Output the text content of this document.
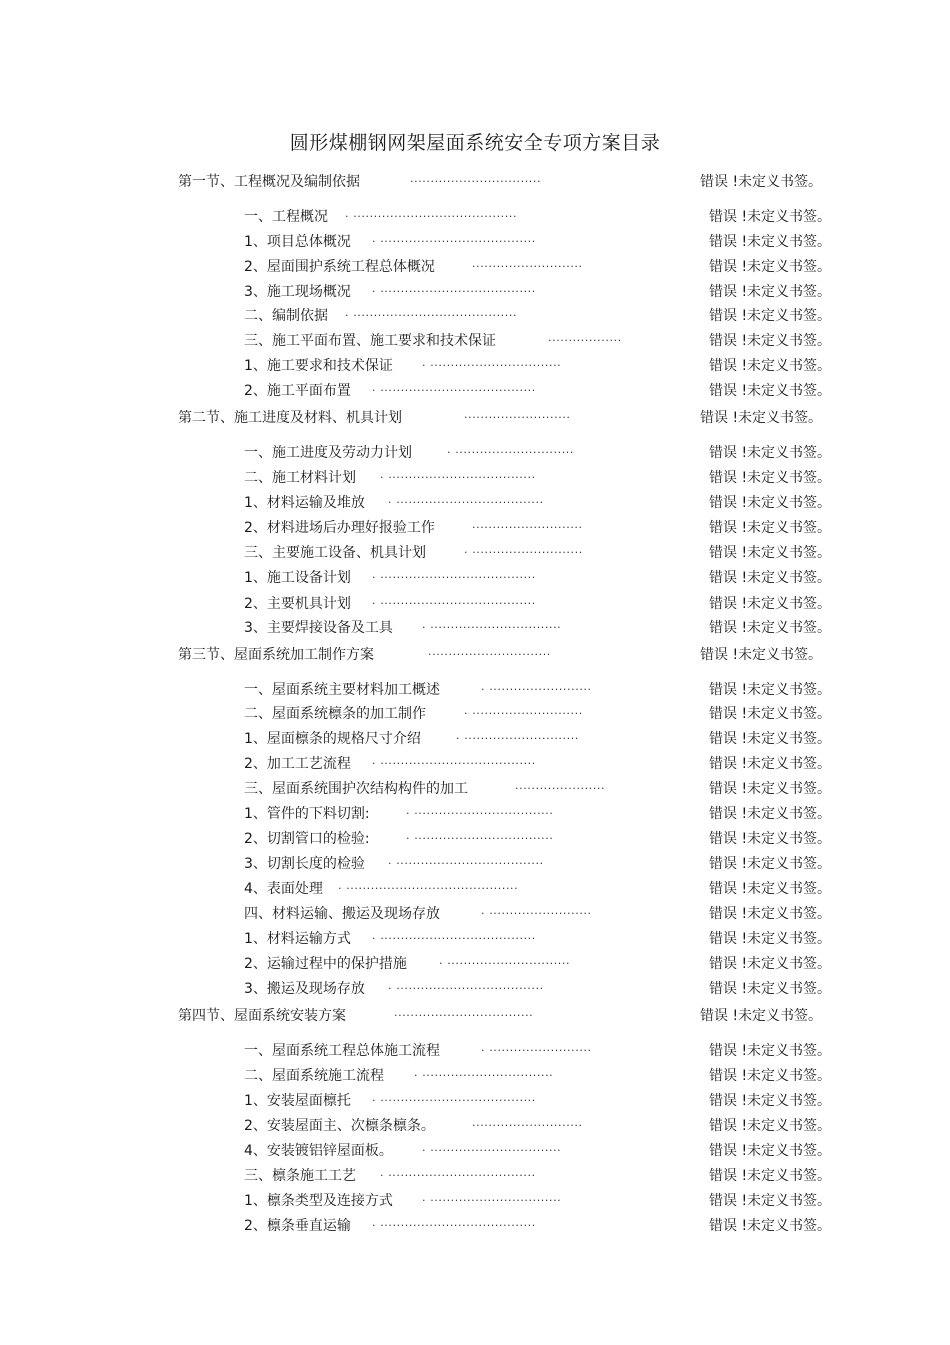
圆形煤棚钢网架屋面系统安全专项方案目录
第一节、工程概况及编制依据	................................	错误 !未定义书签。
一、工程概况 . ........................................	错误 !未定义书签。
1、项目总体概况 . ......................................	错误 !未定义书签。
2、屋面围护系统工程总体概况	...........................	错误 !未定义书签。
3、施工现场概况 . ......................................	错误 !未定义书签。
二、编制依据 . ........................................	错误 !未定义书签。
三、施工平面布置、施工要求和技术保证	..................	错误 !未定义书签。
1、施工要求和技术保证	. ................................	错误 !未定义书签。
2、施工平面布置 . ......................................	错误 !未定义书签。
第二节、施工进度及材料、机具计划	..........................	错误 !未定义书签。
一、施工进度及劳动力计划	. .............................	错误 !未定义书签。
二、施工材料计划 . ....................................	错误 !未定义书签。
1、材料运输及堆放 . ....................................	错误 !未定义书签。
2、材料进场后办理好报验工作	...........................	错误 !未定义书签。
三、主要施工设备、机具计划	. ...........................	错误 !未定义书签。
1、施工设备计划 . ......................................	错误 !未定义书签。
2、主要机具计划 . ......................................	错误 !未定义书签。
3、主要焊接设备及工具	. ................................	错误 !未定义书签。
第三节、屋面系统加工制作方案	..............................	错误 !未定义书签。
一、屋面系统主要材料加工概述	. .........................	错误 !未定义书签。
二、屋面系统檩条的加工制作	. ...........................	错误 !未定义书签。
1、屋面檩条的规格尺寸介绍	. ............................	错误 !未定义书签。
2、加工工艺流程 . ......................................	错误 !未定义书签。
三、屋面系统围护次结构构件的加工	......................	错误 !未定义书签。
1、管件的下料切割:	. ..................................	错误 !未定义书签。
2、切割管口的检验:	. ..................................	错误 !未定义书签。
3、切割长度的检验 . ....................................	错误 !未定义书签。
4、表面处理 . ..........................................	错误 !未定义书签。
四、材料运输、搬运及现场存放	. .........................	错误 !未定义书签。
1、材料运输方式 . ......................................	错误 !未定义书签。
2、运输过程中的保护措施	. ..............................	错误 !未定义书签。
3、搬运及现场存放 . ....................................	错误 !未定义书签。
第四节、屋面系统安装方案	..................................	错误 !未定义书签。
一、屋面系统工程总体施工流程	. .........................	错误 !未定义书签。
二、屋面系统施工流程	. ................................	错误 !未定义书签。
1、安装屋面檩托 . ......................................	错误 !未定义书签。
2、安装屋面主、次檩条檩条。	...........................	错误 !未定义书签。
4、安装镀铝锌屋面板。	. ................................	错误 !未定义书签。
三、檩条施工工艺 . ....................................	错误 !未定义书签。
1、檩条类型及连接方式	. ................................	错误 !未定义书签。
2、檩条垂直运输 . ......................................	错误 !未定义书签。
